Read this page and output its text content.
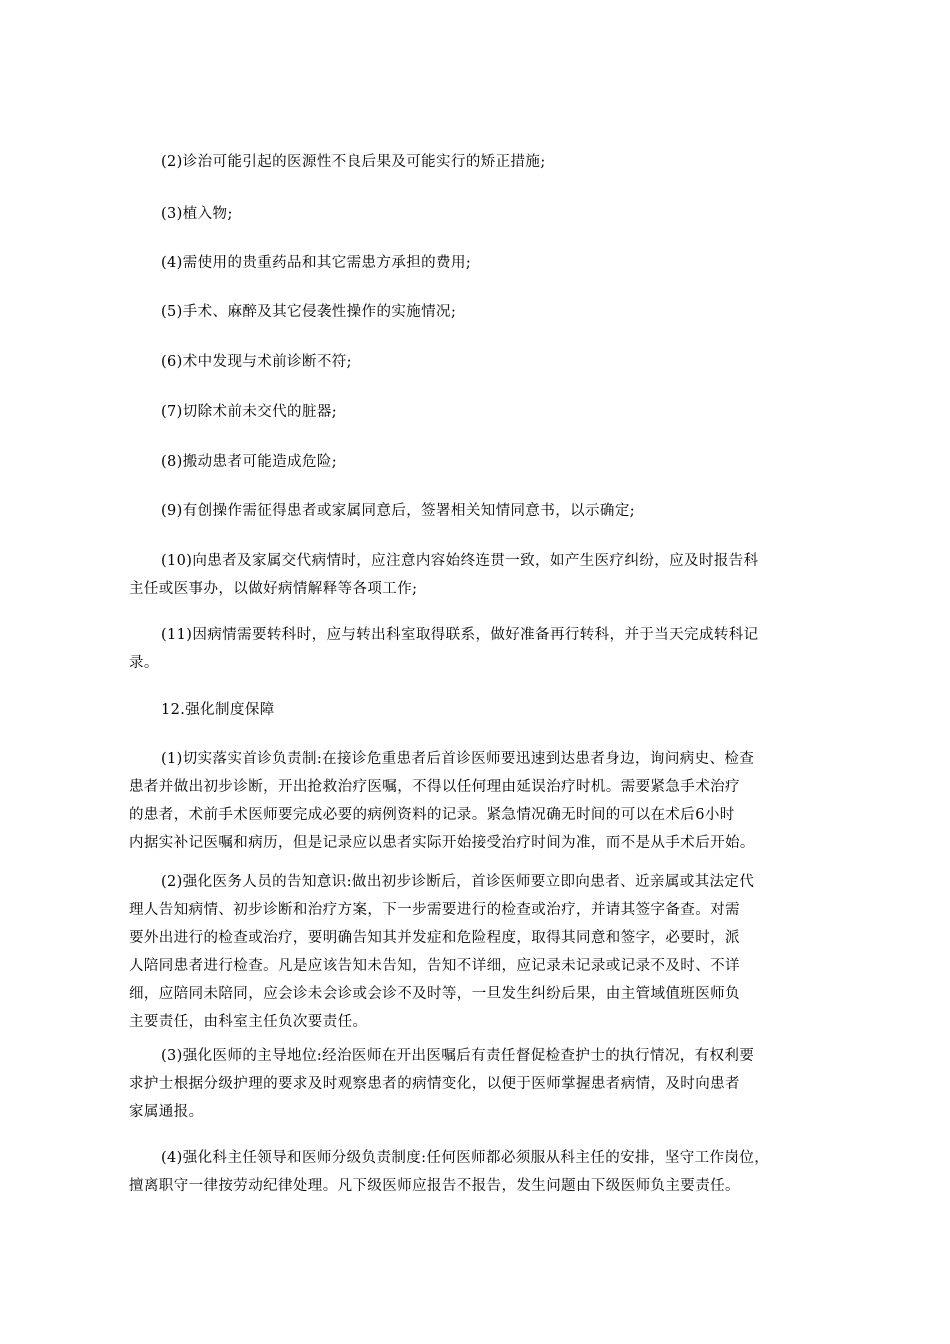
(2)诊治可能引起的医源性不良后果及可能实行的矫正措施;

(3)植入物;

(4)需使用的贵重药品和其它需患方承担的费用;

(5)手术、麻醉及其它侵袭性操作的实施情况;

(6)术中发现与术前诊断不符;

(7)切除术前未交代的脏器;

(8)搬动患者可能造成危险;

(9)有创操作需征得患者或家属同意后，签署相关知情同意书，以示确定;

(10)向患者及家属交代病情时，应注意内容始终连贯一致，如产生医疗纠纷，应及时报告科
主任或医事办，以做好病情解释等各项工作;

(11)因病情需要转科时，应与转出科室取得联系，做好准备再行转科，并于当天完成转科记
录。

12.强化制度保障

(1)切实落实首诊负责制:在接诊危重患者后首诊医师要迅速到达患者身边，询问病史、检查
患者并做出初步诊断，开出抢救治疗医嘱，不得以任何理由延误治疗时机。需要紧急手术治疗
的患者，术前手术医师要完成必要的病例资料的记录。紧急情况确无时间的可以在术后6小时
内据实补记医嘱和病历，但是记录应以患者实际开始接受治疗时间为准，而不是从手术后开始。

(2)强化医务人员的告知意识:做出初步诊断后，首诊医师要立即向患者、近亲属或其法定代
理人告知病情、初步诊断和治疗方案，下一步需要进行的检查或治疗，并请其签字备查。对需
要外出进行的检查或治疗，要明确告知其并发症和危险程度，取得其同意和签字，必要时，派
人陪同患者进行检查。凡是应该告知未告知，告知不详细，应记录未记录或记录不及时、不详
细，应陪同未陪同，应会诊未会诊或会诊不及时等，一旦发生纠纷后果，由主管域值班医师负
主要责任，由科室主任负次要责任。

(3)强化医师的主导地位:经治医师在开出医嘱后有责任督促检查护士的执行情况，有权利要
求护士根据分级护理的要求及时观察患者的病情变化，以便于医师掌握患者病情，及时向患者
家属通报。

(4)强化科主任领导和医师分级负责制度:任何医师都必须服从科主任的安排，坚守工作岗位，
擅离职守一律按劳动纪律处理。凡下级医师应报告不报告，发生问题由下级医师负主要责任。
